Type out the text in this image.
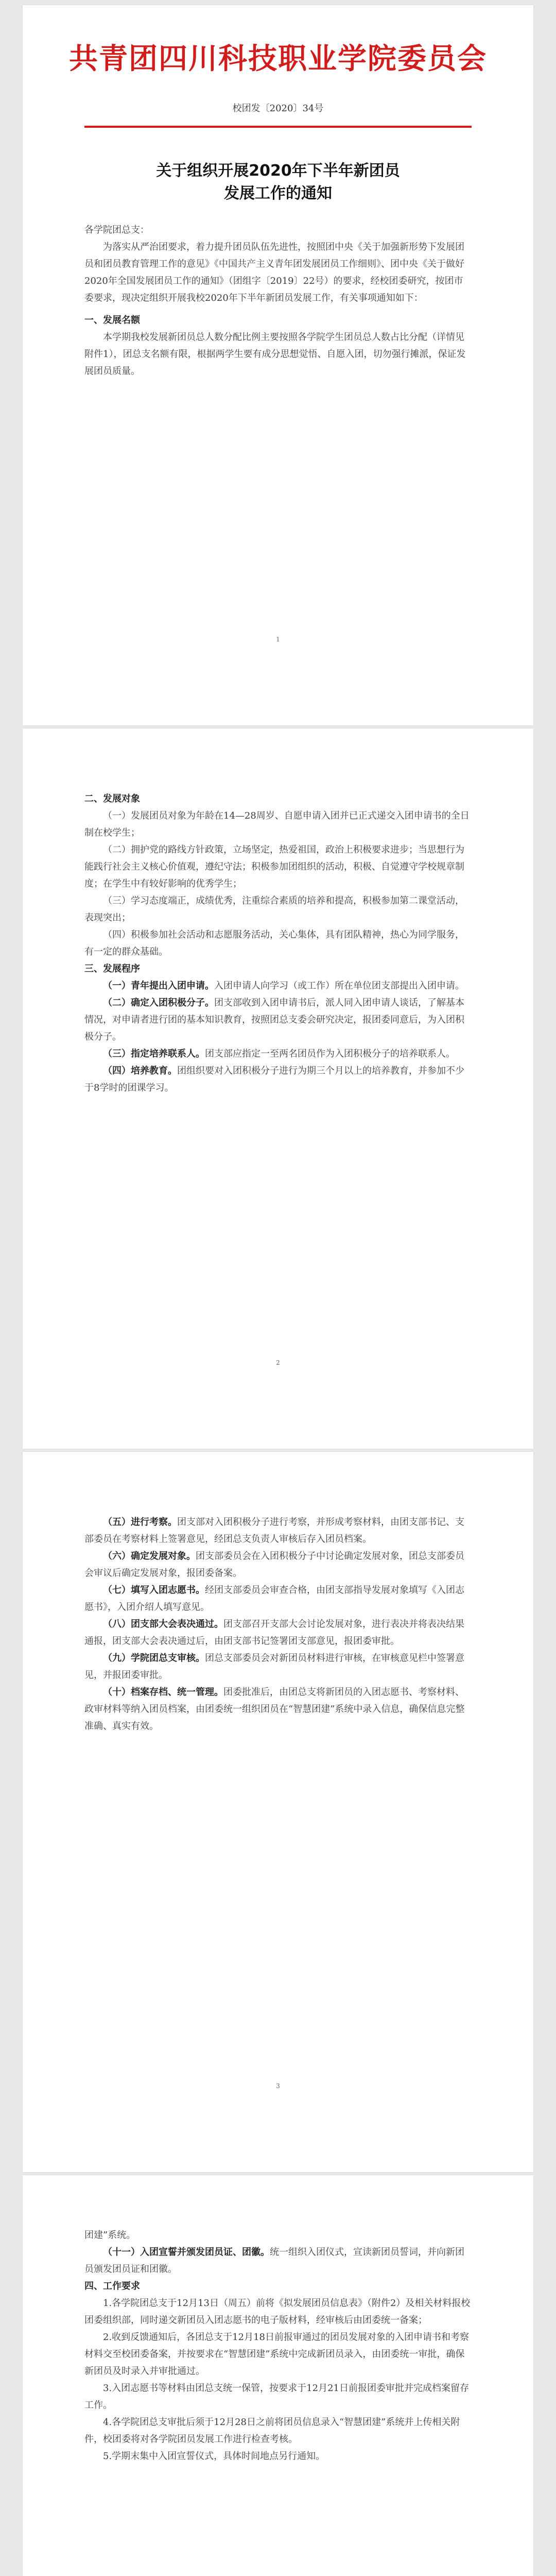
共青团四川科技职业学院委员会
校团发〔2020〕34号
关于组织开展2020年下半年新团员
发展工作的通知

各学院团总支：

为落实从严治团要求，着力提升团员队伍先进性，按照团中央《关于加强新形势下发展团员和团员教育管理工作的意见》《中国共产主义青年团发展团员工作细则》、团中央《关于做好2020年全国发展团员工作的通知》（团组字〔2019〕22号）的要求，经校团委研究，按团市委要求，现决定组织开展我校2020年下半年新团员发展工作，有关事项通知如下：

一、发展名额

本学期我校发展新团员总人数分配比例主要按照各学院学生团员总人数占比分配（详情见附件1），团总支名额有限，根据两学生要有成分思想觉悟、自愿入团，切勿强行摊派，保证发展团员质量。

1

二、发展对象

（一）发展团员对象为年龄在14—28周岁、自愿申请入团并已正式递交入团申请书的全日制在校学生；

（二）拥护党的路线方针政策，立场坚定，热爱祖国，政治上积极要求进步；当思想行为能践行社会主义核心价值观，遵纪守法；积极参加团组织的活动，积极、自觉遵守学校规章制度；在学生中有较好影响的优秀学生；

（三）学习态度端正，成绩优秀，注重综合素质的培养和提高，积极参加第二课堂活动，表现突出；

（四）积极参加社会活动和志愿服务活动，关心集体，具有团队精神，热心为同学服务，有一定的群众基础。

三、发展程序

（一）青年提出入团申请。入团申请人向学习（或工作）所在单位团支部提出入团申请。

（二）确定入团积极分子。团支部收到入团申请书后，派人同入团申请人谈话，了解基本情况，对申请者进行团的基本知识教育，按照团总支委会研究决定，报团委同意后，为入团积极分子。

（三）指定培养联系人。团支部应指定一至两名团员作为入团积极分子的培养联系人。

（四）培养教育。团组织要对入团积极分子进行为期三个月以上的培养教育，并参加不少于8学时的团课学习。

2

（五）进行考察。团支部对入团积极分子进行考察，并形成考察材料，由团支部书记、支部委员在考察材料上签署意见，经团总支负责人审核后存入团员档案。

（六）确定发展对象。团支部委员会在入团积极分子中讨论确定发展对象，团总支部委员会审议后确定发展对象，报团委备案。

（七）填写入团志愿书。经团支部委员会审查合格，由团支部指导发展对象填写《入团志愿书》，入团介绍人填写意见。

（八）团支部大会表决通过。团支部召开支部大会讨论发展对象，进行表决并将表决结果通报，团支部大会表决通过后，由团支部书记签署团支部意见，报团委审批。

（九）学院团总支审核。团总支部委员会对新团员材料进行审核，在审核意见栏中签署意见，并报团委审批。

（十）档案存档、统一管理。团委批准后，由团总支将新团员的入团志愿书、考察材料、政审材料等纳入团员档案，由团委统一组织团员在“智慧团建”系统中录入信息，确保信息完整准确、真实有效。

3

团建”系统。

（十一）入团宣誓并颁发团员证、团徽。统一组织入团仪式，宣读新团员誓词，并向新团员颁发团员证和团徽。

四、工作要求

1.各学院团总支于12月13日（周五）前将《拟发展团员信息表》（附件2）及相关材料报校团委组织部，同时递交新团员入团志愿书的电子版材料，经审核后由团委统一备案；

2.收到反馈通知后，各团总支于12月18日前报审通过的团员发展对象的入团申请书和考察材料交至校团委备案，并按要求在“智慧团建”系统中完成新团员录入，由团委统一审批，确保新团员及时录入并审批通过。

3.入团志愿书等材料由团总支统一保管，按要求于12月21日前报团委审批并完成档案留存工作。

4.各学院团总支审批后须于12月28日之前将团员信息录入“智慧团建”系统并上传相关附件，校团委将对各学院团员发展工作进行检查考核。

5.学期末集中入团宣誓仪式，具体时间地点另行通知。
